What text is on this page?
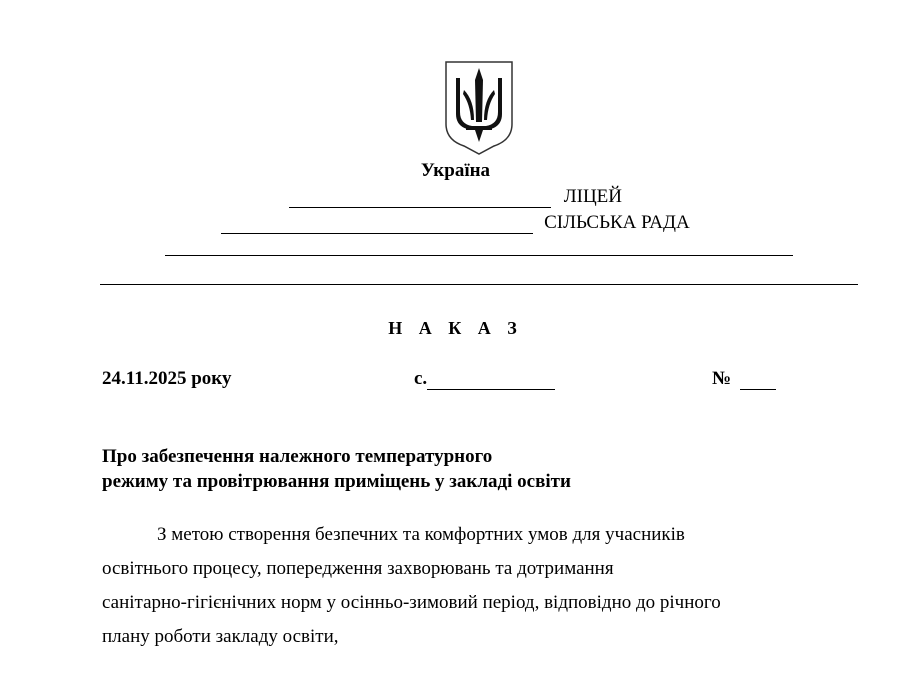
Україна
ЛІЦЕЙ
СІЛЬСЬКА РАДА
Н А К А З
24.11.2025 року	с.	№
Про забезпечення належного температурного
режиму та провітрювання приміщень у закладі освіти
З метою створення безпечних та комфортних умов для учасників
освітнього процесу, попередження захворювань та дотримання
санітарно-гігієнічних норм у осінньо-зимовий період, відповідно до річного
плану роботи закладу освіти,
